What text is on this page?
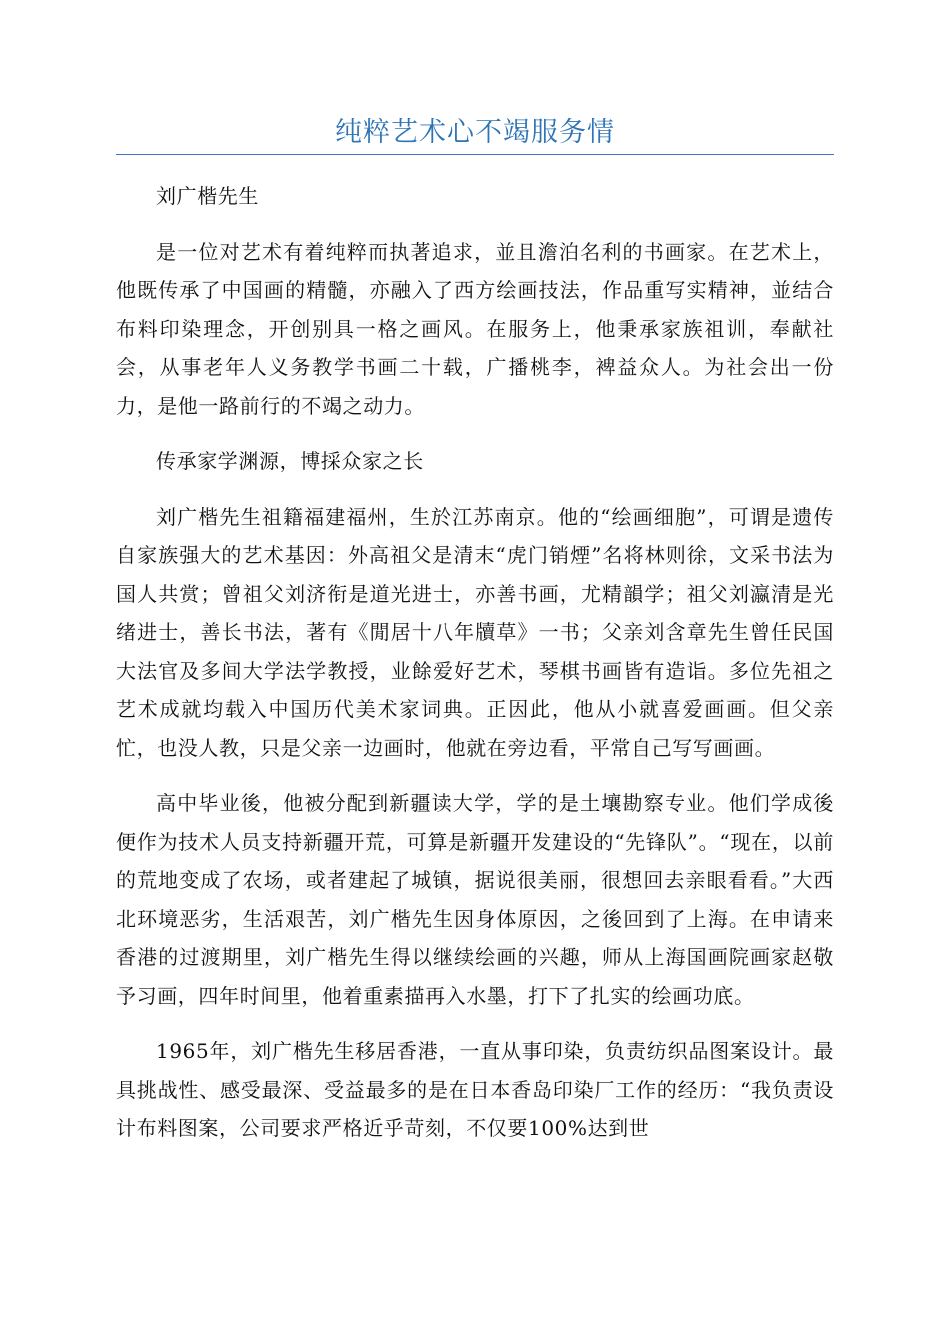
纯粹艺术心不竭服务情

刘广楷先生

是一位对艺术有着纯粹而执著追求，並且澹泊名利的书画家。在艺术上，他既传承了中国画的精髓，亦融入了西方绘画技法，作品重写实精神，並结合布料印染理念，开创别具一格之画风。在服务上，他秉承家族祖训，奉献社会，从事老年人义务教学书画二十载，广播桃李，裨益众人。为社会出一份力，是他一路前行的不竭之动力。

传承家学渊源，博採众家之长

刘广楷先生祖籍福建福州，生於江苏南京。他的“绘画细胞”，可谓是遗传自家族强大的艺术基因：外高祖父是清末“虎门销煙”名将林则徐，文采书法为国人共赏；曾祖父刘济衔是道光进士，亦善书画，尤精韻学；祖父刘瀛清是光绪进士，善长书法，著有《閒居十八年牘草》一书；父亲刘含章先生曾任民国大法官及多间大学法学教授，业餘爱好艺术，琴棋书画皆有造诣。多位先祖之艺术成就均载入中国历代美术家词典。正因此，他从小就喜爱画画。但父亲忙，也没人教，只是父亲一边画时，他就在旁边看，平常自己写写画画。

高中毕业後，他被分配到新疆读大学，学的是土壤勘察专业。他们学成後便作为技术人员支持新疆开荒，可算是新疆开发建设的“先锋队”。“现在，以前的荒地变成了农场，或者建起了城镇，据说很美丽，很想回去亲眼看看。”大西北环境恶劣，生活艰苦，刘广楷先生因身体原因，之後回到了上海。在申请来香港的过渡期里，刘广楷先生得以继续绘画的兴趣，师从上海国画院画家赵敬予习画，四年时间里，他着重素描再入水墨，打下了扎实的绘画功底。

1965年，刘广楷先生移居香港，一直从事印染，负责纺织品图案设计。最具挑战性、感受最深、受益最多的是在日本香岛印染厂工作的经历：“我负责设计布料图案，公司要求严格近乎苛刻，不仅要100%达到世
